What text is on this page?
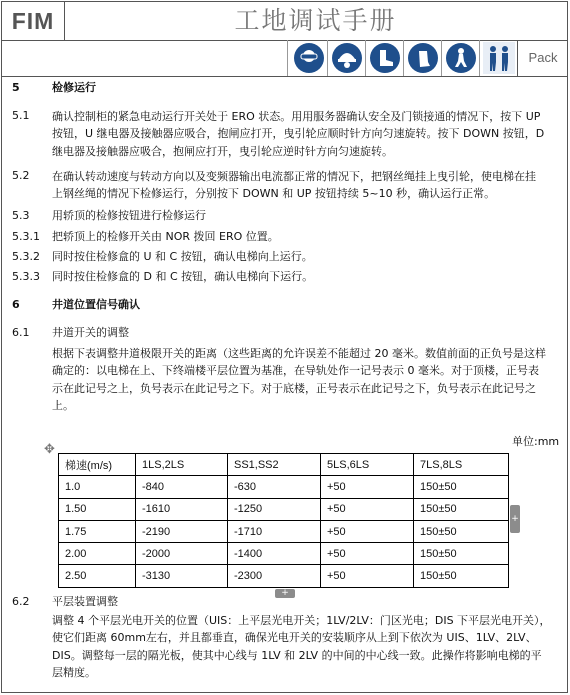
FIM	工地调试手册
Pack
5	检修运行
5.1 确认控制柜的紧急电动运行开关处于 ERO 状态。用用服务器确认安全及门锁接通的情况下，按下 UP
按钮，U 继电器及接触器应吸合，抱闸应打开，曳引轮应顺时针方向匀速旋转。按下 DOWN 按钮，D
继电器及接触器应吸合，抱闸应打开，曳引轮应逆时针方向匀速旋转。
5.2 在确认转动速度与转动方向以及变频器输出电流都正常的情况下，把钢丝绳挂上曳引轮，使电梯在挂
上钢丝绳的情况下检修运行，分别按下 DOWN 和 UP 按钮持续 5~10 秒，确认运行正常。
5.3 用轿顶的检修按钮进行检修运行
5.3.1 把轿顶上的检修开关由 NOR 拨回 ERO 位置。
5.3.2 同时按住检修盒的 U 和 C 按钮，确认电梯向上运行。
5.3.3 同时按住检修盒的 D 和 C 按钮，确认电梯向下运行。
6	井道位置信号确认
6.1 井道开关的调整
根据下表调整井道极限开关的距离（这些距离的允许误差不能超过 20 毫米。数值前面的正负号是这样
确定的：以电梯在上、下终端楼平层位置为基准，在导轨处作一记号表示 0 毫米。对于顶楼，正号表
示在此记号之上，负号表示在此记号之下。对于底楼，正号表示在此记号之下，负号表示在此记号之
上。
单位:mm
✥
梯速(m/s)	1LS,2LS	SS1,SS2	5LS,6LS	7LS,8LS
1.0	-840	-630	+50	150±50
1.50	-1610	-1250	+50	150±50
1.75	-2190	-1710	+50	150±50
2.00	-2000	-1400	+50	150±50
2.50	-3130	-2300	+50	150±50
+
+
6.2 平层装置调整
调整 4 个平层光电开关的位置（UIS：上平层光电开关；1LV/2LV：门区光电；DIS 下平层光电开关），
使它们距离 60mm左右，并且都垂直，确保光电开关的安装顺序从上到下依次为 UIS、1LV、2LV、
DIS。调整每一层的隔光板，使其中心线与 1LV 和 2LV 的中间的中心线一致。此操作将影响电梯的平
层精度。
